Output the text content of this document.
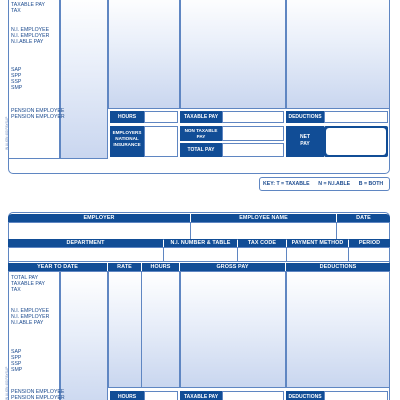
TAXABLE PAY
TAX
N.I. EMPLOYEE
N.I. EMPLOYER
N.I.ABLE PAY
SAP
SPP
SSP
SMP
PENSION EMPLOYEE
PENSION EMPLOYER
IN ALIGN 400 PAYSLIP	HOURS	TAXABLE PAY	DEDUCTIONS
EMPLOYERS
NATIONAL
INSURANCE
NON TAXABLE
PAY
TOTAL PAY
NET
PAY
KEY: T = TAXABLE      N = N.I.ABLE      B = BOTH
EMPLOYER	EMPLOYEE NAME	DATE
DEPARTMENT	N.I. NUMBER & TABLE	TAX CODE	PAYMENT METHOD	PERIOD
YEAR TO DATE	RATE	HOURS	GROSS PAY	DEDUCTIONS
TOTAL PAY
TAXABLE PAY
TAX
N.I. EMPLOYEE
N.I. EMPLOYER
N.I.ABLE PAY
SAP
SPP
SSP
SMP
PENSION EMPLOYEE
PENSION EMPLOYER
IN ALIGN 400 PAYSLIP	HOURS	TAXABLE PAY	DEDUCTIONS
